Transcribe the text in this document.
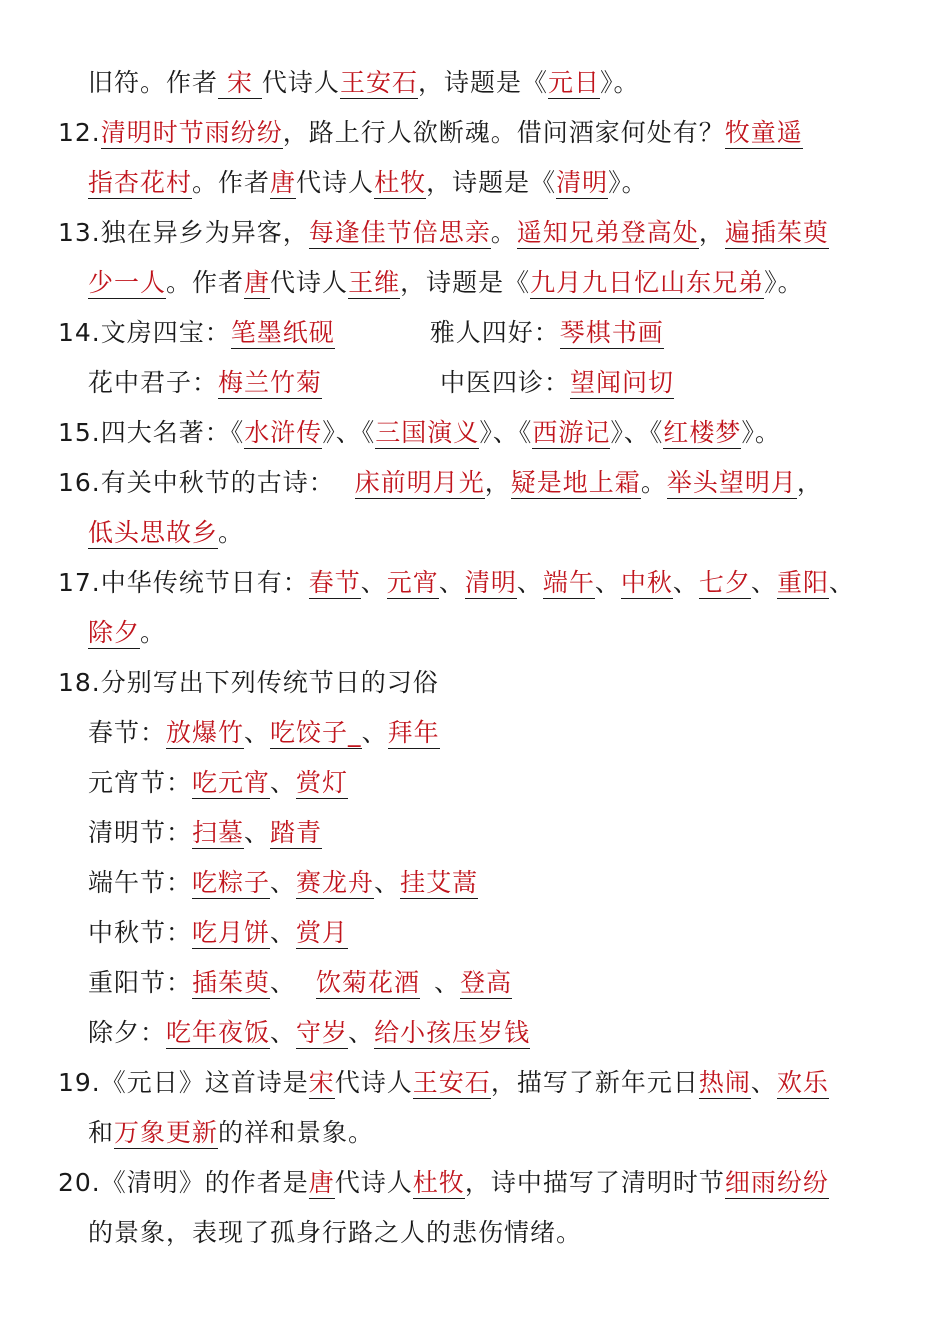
旧符。作者 宋 代诗人王安石，诗题是《元日》。
12.清明时节雨纷纷，路上行人欲断魂。借问酒家何处有？牧童遥
指杏花村。作者唐代诗人杜牧，诗题是《清明》。
13.独在异乡为异客，每逢佳节倍思亲。遥知兄弟登高处，遍插茱萸
少一人。作者唐代诗人王维，诗题是《九月九日忆山东兄弟》。
14.文房四宝：笔墨纸砚	雅人四好：琴棋书画
花中君子：梅兰竹菊	中医四诊：望闻问切
15.四大名著：《水浒传》、《三国演义》、《西游记》、《红楼梦》。
16.有关中秋节的古诗： 床前明月光，疑是地上霜。举头望明月，
低头思故乡。
17.中华传统节日有：春节、元宵、清明、端午、中秋、七夕、重阳、
除夕。
18.分别写出下列传统节日的习俗
春节：放爆竹、吃饺子_、拜年
元宵节：吃元宵、赏灯
清明节：扫墓、踏青
端午节：吃粽子、赛龙舟、挂艾蒿
中秋节：吃月饼、赏月
重阳节：插茱萸、 饮菊花酒 、登高
除夕：吃年夜饭、守岁、给小孩压岁钱
19.《元日》这首诗是宋代诗人王安石，描写了新年元日热闹、欢乐
和万象更新的祥和景象。
20.《清明》的作者是唐代诗人杜牧，诗中描写了清明时节细雨纷纷
的景象，表现了孤身行路之人的悲伤情绪。
